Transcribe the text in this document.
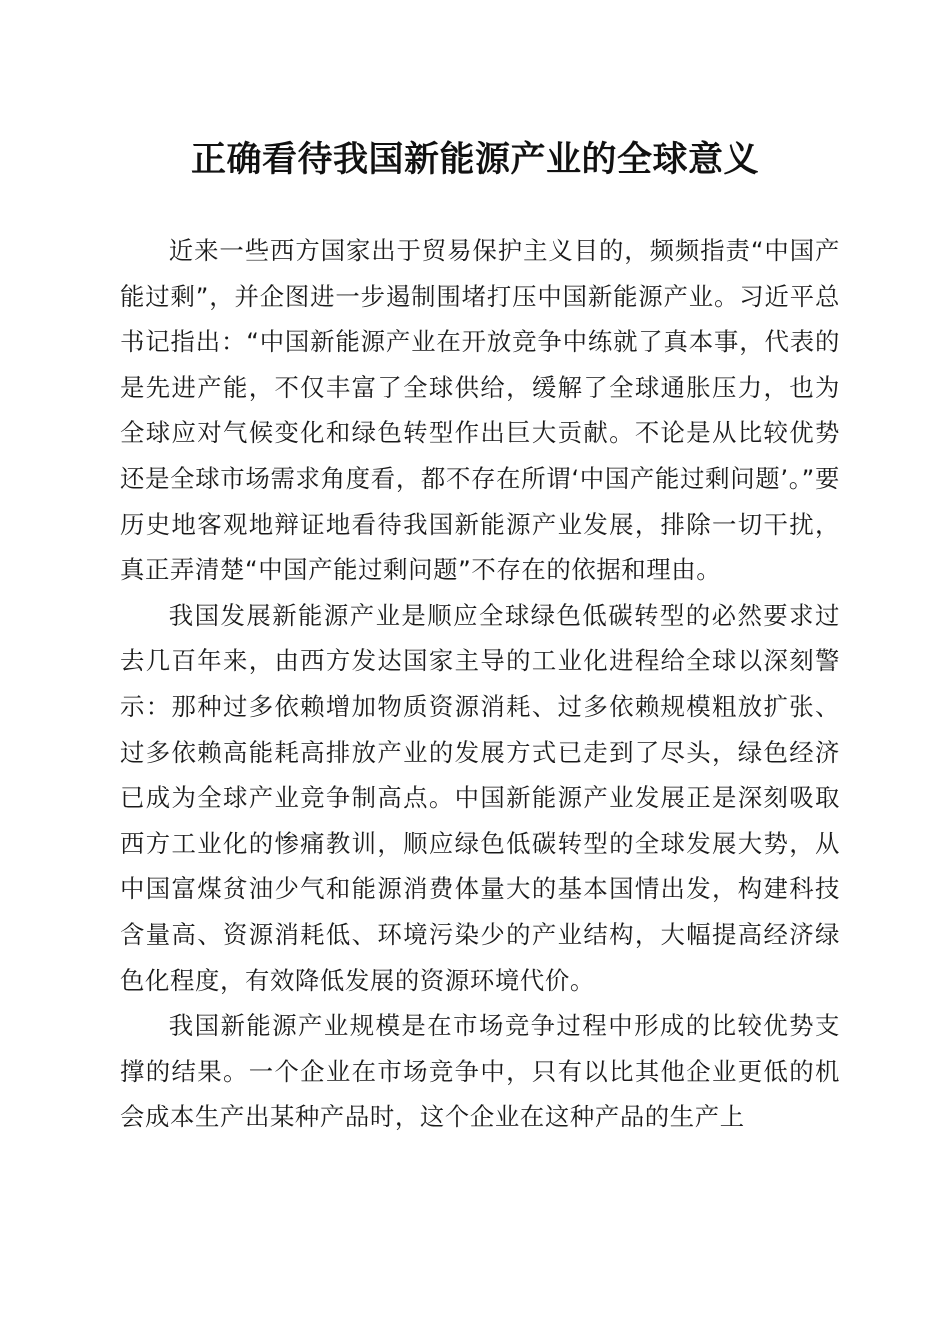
正确看待我国新能源产业的全球意义

近来一些西方国家出于贸易保护主义目的，频频指责“中国产能过剩”，并企图进一步遏制围堵打压中国新能源产业。习近平总书记指出：“中国新能源产业在开放竞争中练就了真本事，代表的是先进产能，不仅丰富了全球供给，缓解了全球通胀压力，也为全球应对气候变化和绿色转型作出巨大贡献。不论是从比较优势还是全球市场需求角度看，都不存在所谓‘中国产能过剩问题’。”要历史地客观地辩证地看待我国新能源产业发展，排除一切干扰，真正弄清楚“中国产能过剩问题”不存在的依据和理由。

我国发展新能源产业是顺应全球绿色低碳转型的必然要求过去几百年来，由西方发达国家主导的工业化进程给全球以深刻警示：那种过多依赖增加物质资源消耗、过多依赖规模粗放扩张、过多依赖高能耗高排放产业的发展方式已走到了尽头，绿色经济已成为全球产业竞争制高点。中国新能源产业发展正是深刻吸取西方工业化的惨痛教训，顺应绿色低碳转型的全球发展大势，从中国富煤贫油少气和能源消费体量大的基本国情出发，构建科技含量高、资源消耗低、环境污染少的产业结构，大幅提高经济绿色化程度，有效降低发展的资源环境代价。

我国新能源产业规模是在市场竞争过程中形成的比较优势支撑的结果。一个企业在市场竞争中，只有以比其他企业更低的机会成本生产出某种产品时，这个企业在这种产品的生产上
